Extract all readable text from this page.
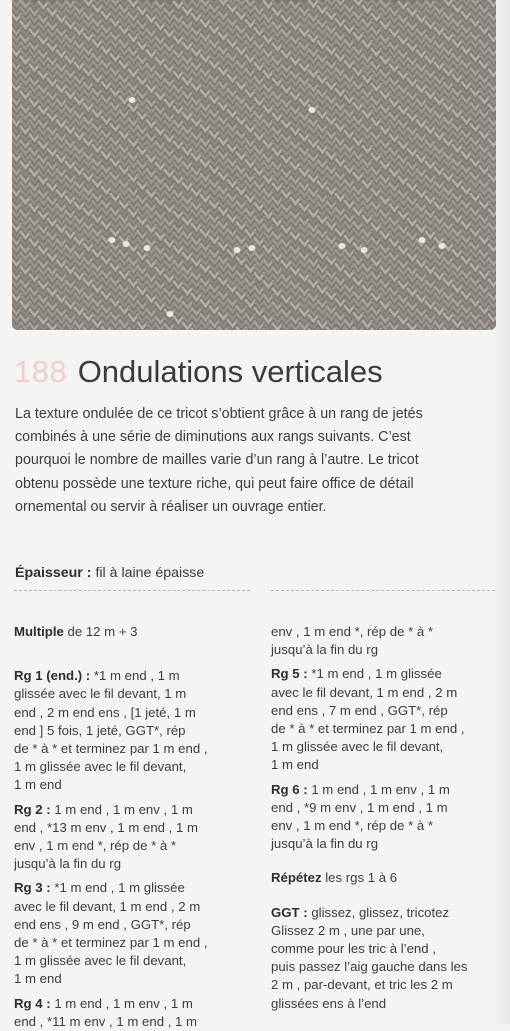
188 Ondulations verticales

La texture ondulée de ce tricot s’obtient grâce à un rang de jetés

combinés à une série de diminutions aux rangs suivants. C’est

pourquoi le nombre de mailles varie d’un rang à l’autre. Le tricot

obtenu possède une texture riche, qui peut faire office de détail

ornemental ou servir à réaliser un ouvrage entier.

Épaisseur : fil à laine épaisse
Multiple de 12 m + 3
Rg 1 (end.) : *1 m end , 1 m
glissée avec le fil devant, 1 m
end , 2 m end ens , [1 jeté, 1 m
end ] 5 fois, 1 jeté, GGT*, rép
de * à * et terminez par 1 m end ,
1 m glissée avec le fil devant,
1 m end
Rg 2 : 1 m end , 1 m env , 1 m
end , *13 m env , 1 m end , 1 m
env , 1 m end *, rép de * à *
jusqu’à la fin du rg
Rg 3 : *1 m end , 1 m glissée
avec le fil devant, 1 m end , 2 m
end ens , 9 m end , GGT*, rép
de * à * et terminez par 1 m end ,
1 m glissée avec le fil devant,
1 m end
Rg 4 : 1 m end , 1 m env , 1 m
end , *11 m env , 1 m end , 1 m
env , 1 m end *, rép de * à *
jusqu’à la fin du rg
Rg 5 : *1 m end , 1 m glissée
avec le fil devant, 1 m end , 2 m
end ens , 7 m end , GGT*, rép
de * à * et terminez par 1 m end ,
1 m glissée avec le fil devant,
1 m end
Rg 6 : 1 m end , 1 m env , 1 m
end , *9 m env , 1 m end , 1 m
env , 1 m end *, rép de * à *
jusqu’à la fin du rg
Répétez les rgs 1 à 6
GGT : glissez, glissez, tricotez
Glissez 2 m , une par une,
comme pour les tric à l’end ,
puis passez l’aig gauche dans les
2 m , par-devant, et tric les 2 m
glissées ens à l’end
